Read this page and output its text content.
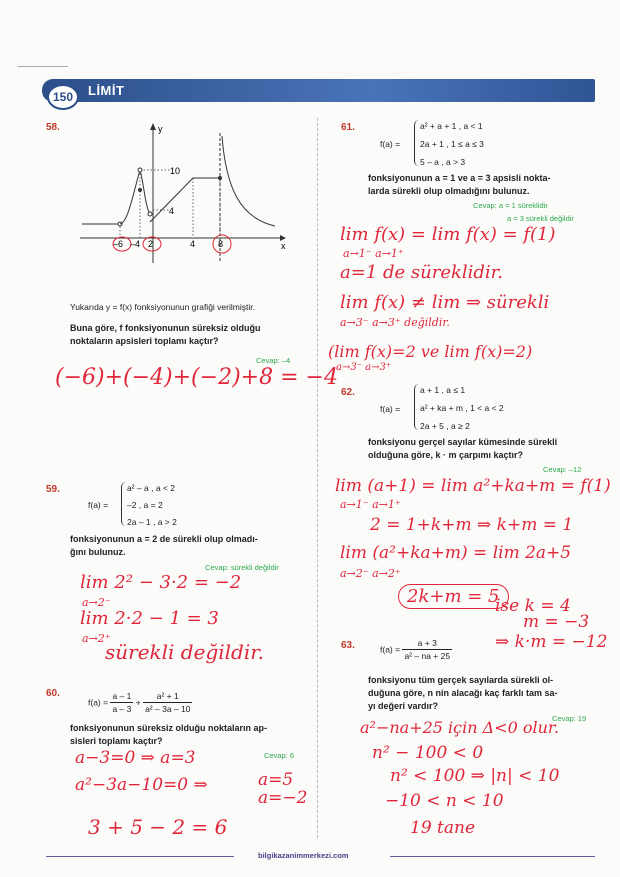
150	LİMİT
58.	y
x
10
4
–6 –4 2	4	8
Yukarıda y = f(x) fonksiyonunun grafiği verilmiştir.
Buna göre, f fonksiyonunun süreksiz olduğu
noktaların apsisleri toplamı kaçtır?
Cevap: –4
(−6)+(−4)+(−2)+8 = −4
59.
f(a) =
a² – a , a < 2
–2 , a = 2
2a – 1 , a > 2
fonksiyonunun a = 2 de sürekli olup olmadı-
ğını bulunuz.
Cevap: sürekli değildir
lim 2² − 3·2 = −2
a→2⁻
lim 2·2 − 1 = 3
a→2⁺
sürekli değildir.
60.
$f(a) = \frac{a - 1}{a - 3} + \frac{\text{a² + 1}}{\text{a² – 3a – 10}}$
fonksiyonunun süreksiz olduğu noktaların ap-
sisleri toplamı kaçtır?
Cevap: 6
a−3=0 ⇒ a=3
a²−3a−10=0 ⇒	a=5
a=−2
3 + 5 − 2 = 6
61.
f(a) =
a² + a + 1 , a < 1
2a + 1 , 1 ≤ a ≤ 3
5 – a , a > 3
fonksiyonunun a = 1 ve a = 3 apsisli nokta-
larda sürekli olup olmadığını bulunuz.
Cevap: a = 1 süreklidir
a = 3 sürekli değildir
lim f(x) = lim f(x) = f(1)
a→1⁻ a→1⁺
a=1 de süreklidir.
lim f(x) ≠ lim ⇒ sürekli
a→3⁻ a→3⁺ değildir.
(lim f(x)=2 ve lim f(x)=2)
a→3⁻ a→3⁺
62.
f(a) =
a + 1 , a ≤ 1
a² + ka + m , 1 < a < 2
2a + 5 , a ≥ 2
fonksiyonu gerçel sayılar kümesinde sürekli
olduğuna göre, k · m çarpımı kaçtır?
Cevap: –12
lim (a+1) = lim a²+ka+m = f(1)
a→1⁻ a→1⁺
2 = 1+k+m ⇒ k+m = 1
lim (a²+ka+m) = lim 2a+5
a→2⁻ a→2⁺
2k+m = 5
ise k = 4
m = −3
⇒ k·m = −12
63.	$f(a) = \frac{a + 3}{\text{a² – na + 25}}$
fonksiyonu tüm gerçek sayılarda sürekli ol-
duğuna göre, n nin alacağı kaç farklı tam sa-
yı değeri vardır?
Cevap: 19
a²−na+25 için Δ<0 olur.
n² − 100 < 0
n² < 100 ⇒ |n| < 10
−10 < n < 10
19 tane
bilgikazanimmerkezi.com
